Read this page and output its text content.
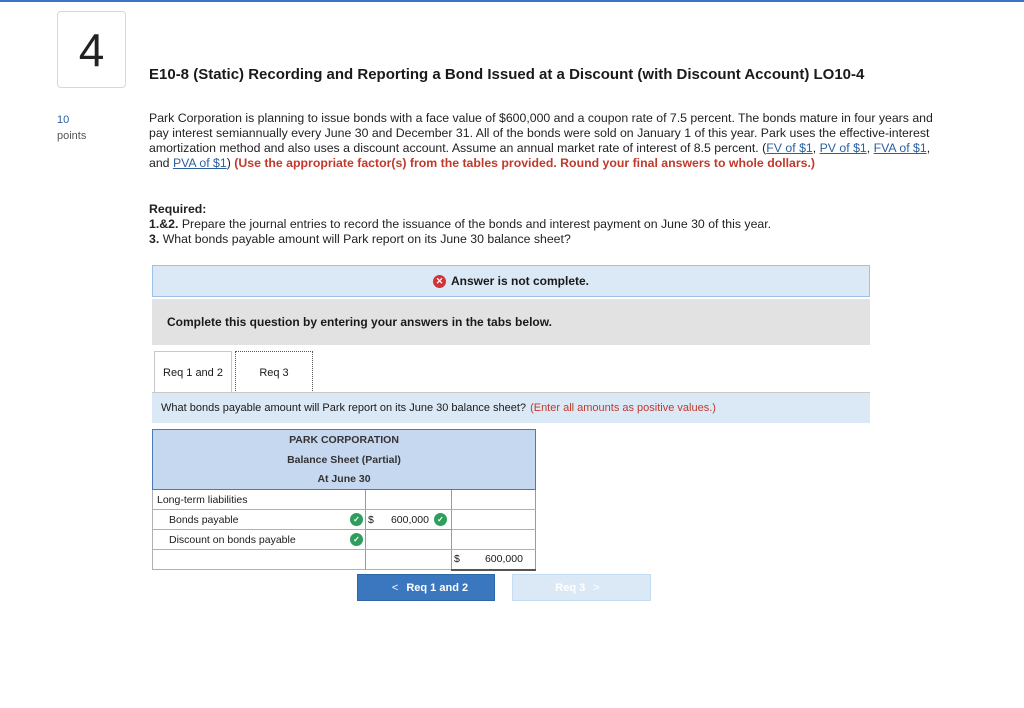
4
10
points
E10-8 (Static) Recording and Reporting a Bond Issued at a Discount (with Discount Account) LO10-4
Park Corporation is planning to issue bonds with a face value of $600,000 and a coupon rate of 7.5 percent. The bonds mature in four years and pay interest semiannually every June 30 and December 31. All of the bonds were sold on January 1 of this year. Park uses the effective-interest amortization method and also uses a discount account. Assume an annual market rate of interest of 8.5 percent. (FV of $1, PV of $1, FVA of $1, and PVA of $1) (Use the appropriate factor(s) from the tables provided. Round your final answers to whole dollars.)
Required:
1.&2. Prepare the journal entries to record the issuance of the bonds and interest payment on June 30 of this year.
3. What bonds payable amount will Park report on its June 30 balance sheet?
✕ Answer is not complete.
Complete this question by entering your answers in the tabs below.
Req 1 and 2	Req 3
What bonds payable amount will Park report on its June 30 balance sheet? (Enter all amounts as positive values.)
PARK CORPORATION		
Balance Sheet (Partial)		
At June 30		
Long-term liabilities		
Bonds payable ✓	$ 600,000 ✓	

Discount on bonds payable ✓		

		$ 600,000
< Req 1 and 2	Req 3 >
